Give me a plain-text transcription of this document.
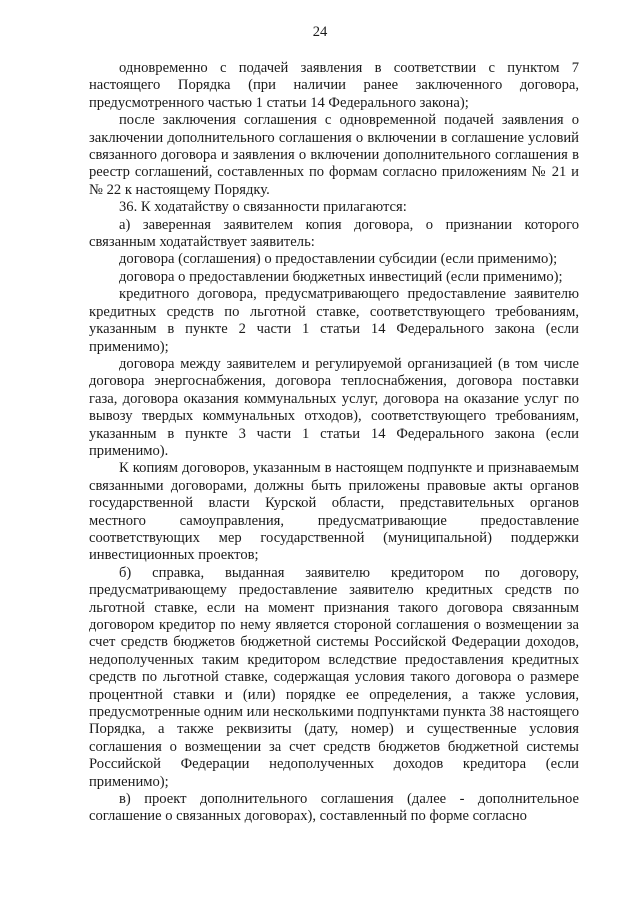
24

одновременно с подачей заявления в соответствии с пунктом 7 настоящего Порядка (при наличии ранее заключенного договора, предусмотренного частью 1 статьи 14 Федерального закона);

после заключения соглашения с одновременной подачей заявления о заключении дополнительного соглашения о включении в соглашение условий связанного договора и заявления о включении дополнительного соглашения в реестр соглашений, составленных по формам согласно приложениям № 21 и № 22 к настоящему Порядку.

36. К ходатайству о связанности прилагаются:

а) заверенная заявителем копия договора, о признании которого связанным ходатайствует заявитель:

договора (соглашения) о предоставлении субсидии (если применимо);

договора о предоставлении бюджетных инвестиций (если применимо);

кредитного договора, предусматривающего предоставление заявителю кредитных средств по льготной ставке, соответствующего требованиям, указанным в пункте 2 части 1 статьи 14 Федерального закона (если применимо);

договора между заявителем и регулируемой организацией (в том числе договора энергоснабжения, договора теплоснабжения, договора поставки газа, договора оказания коммунальных услуг, договора на оказание услуг по вывозу твердых коммунальных отходов), соответствующего требованиям, указанным в пункте 3 части 1 статьи 14 Федерального закона (если применимо).

К копиям договоров, указанным в настоящем подпункте и признаваемым связанными договорами, должны быть приложены правовые акты органов государственной власти Курской области, представительных органов местного самоуправления, предусматривающие предоставление соответствующих мер государственной (муниципальной) поддержки инвестиционных проектов;

б) справка, выданная заявителю кредитором по договору, предусматривающему предоставление заявителю кредитных средств по льготной ставке, если на момент признания такого договора связанным договором кредитор по нему является стороной соглашения о возмещении за счет средств бюджетов бюджетной системы Российской Федерации доходов, недополученных таким кредитором вследствие предоставления кредитных средств по льготной ставке, содержащая условия такого договора о размере процентной ставки и (или) порядке ее определения, а также условия, предусмотренные одним или несколькими подпунктами пункта 38 настоящего Порядка, а также реквизиты (дату, номер) и существенные условия соглашения о возмещении за счет средств бюджетов бюджетной системы Российской Федерации недополученных доходов кредитора (если применимо);

в) проект дополнительного соглашения (далее - дополнительное соглашение о связанных договорах), составленный по форме согласно
